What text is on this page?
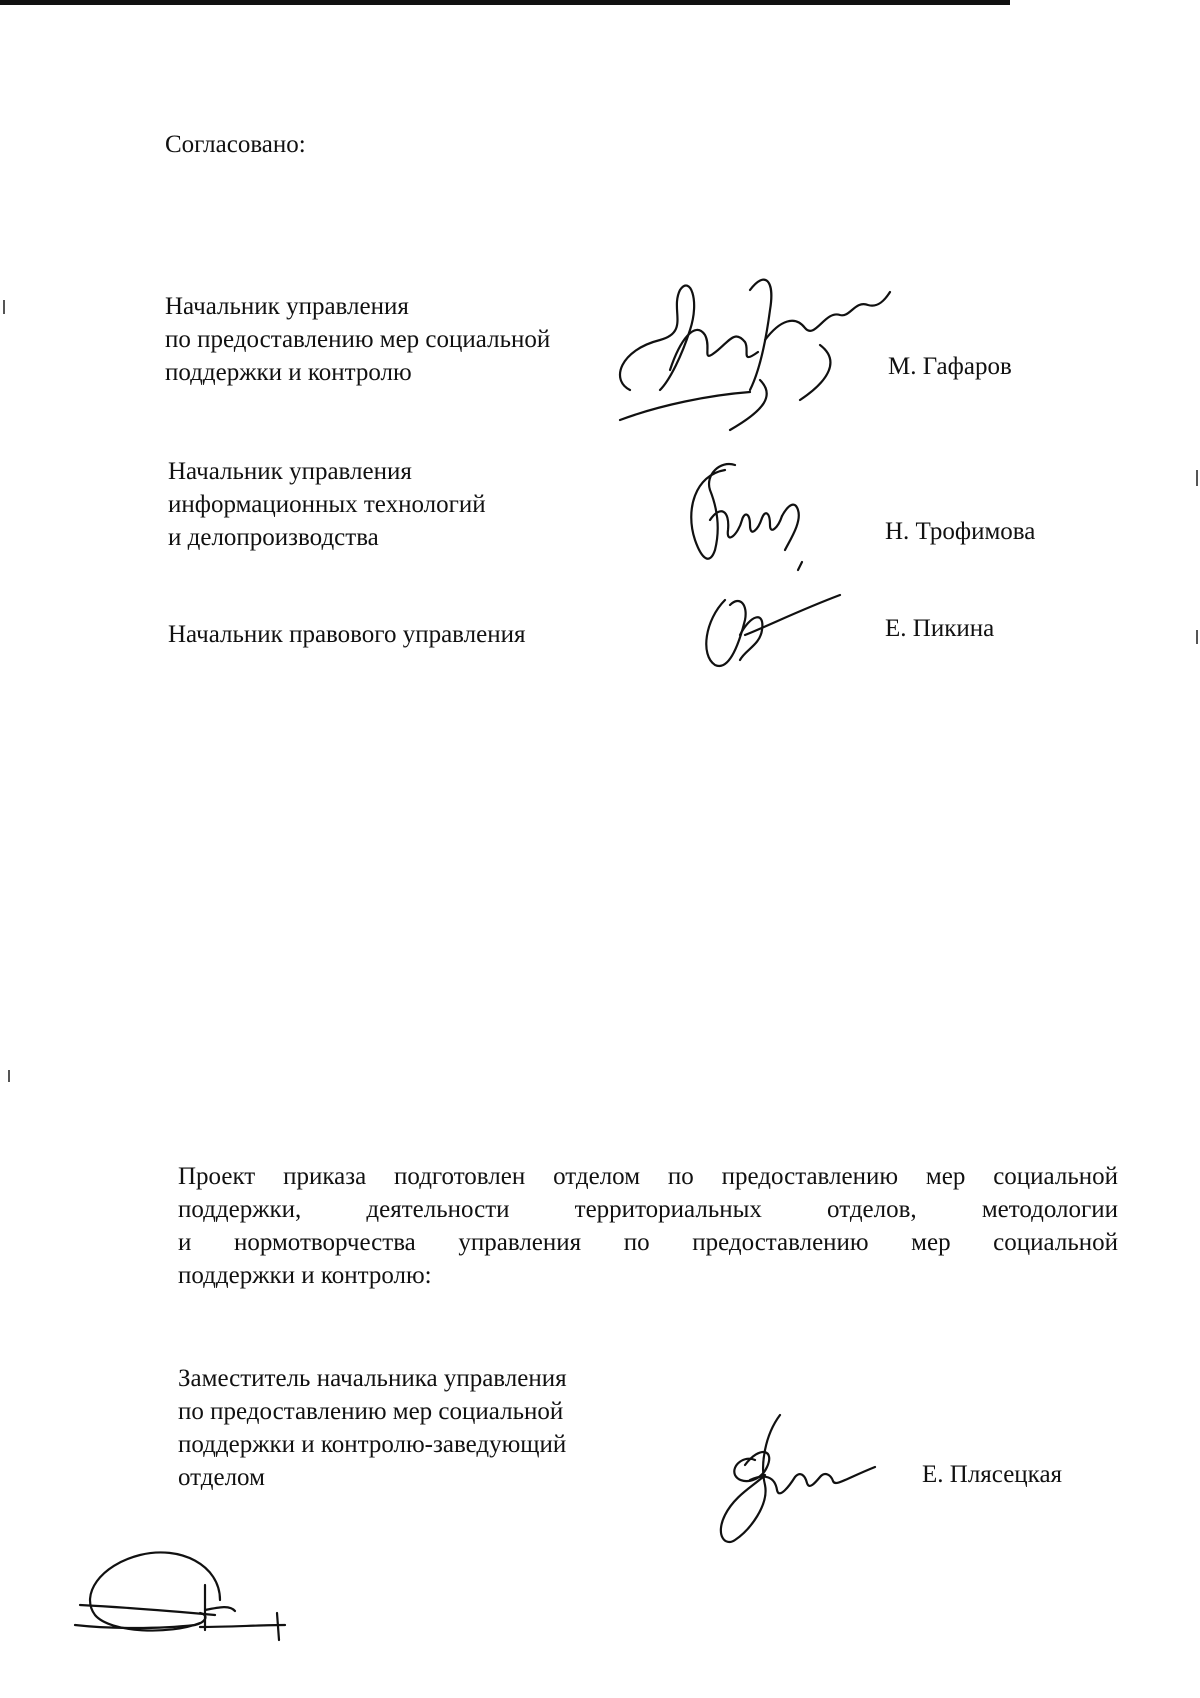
Согласовано:
Начальник управления
по предоставлению мер социальной
поддержки и контролю	М. Гафаров
Начальник управления
информационных технологий
и делопроизводства	Н. Трофимова
Начальник правового управления	Е. Пикина
Проект приказа подготовлен отделом по предоставлению мер социальной
поддержки, деятельности территориальных отделов, методологии
и нормотворчества управления по предоставлению мер социальной
поддержки и контролю:
Заместитель начальника управления
по предоставлению мер социальной
поддержки и контролю-заведующий
отделом	Е. Плясецкая
